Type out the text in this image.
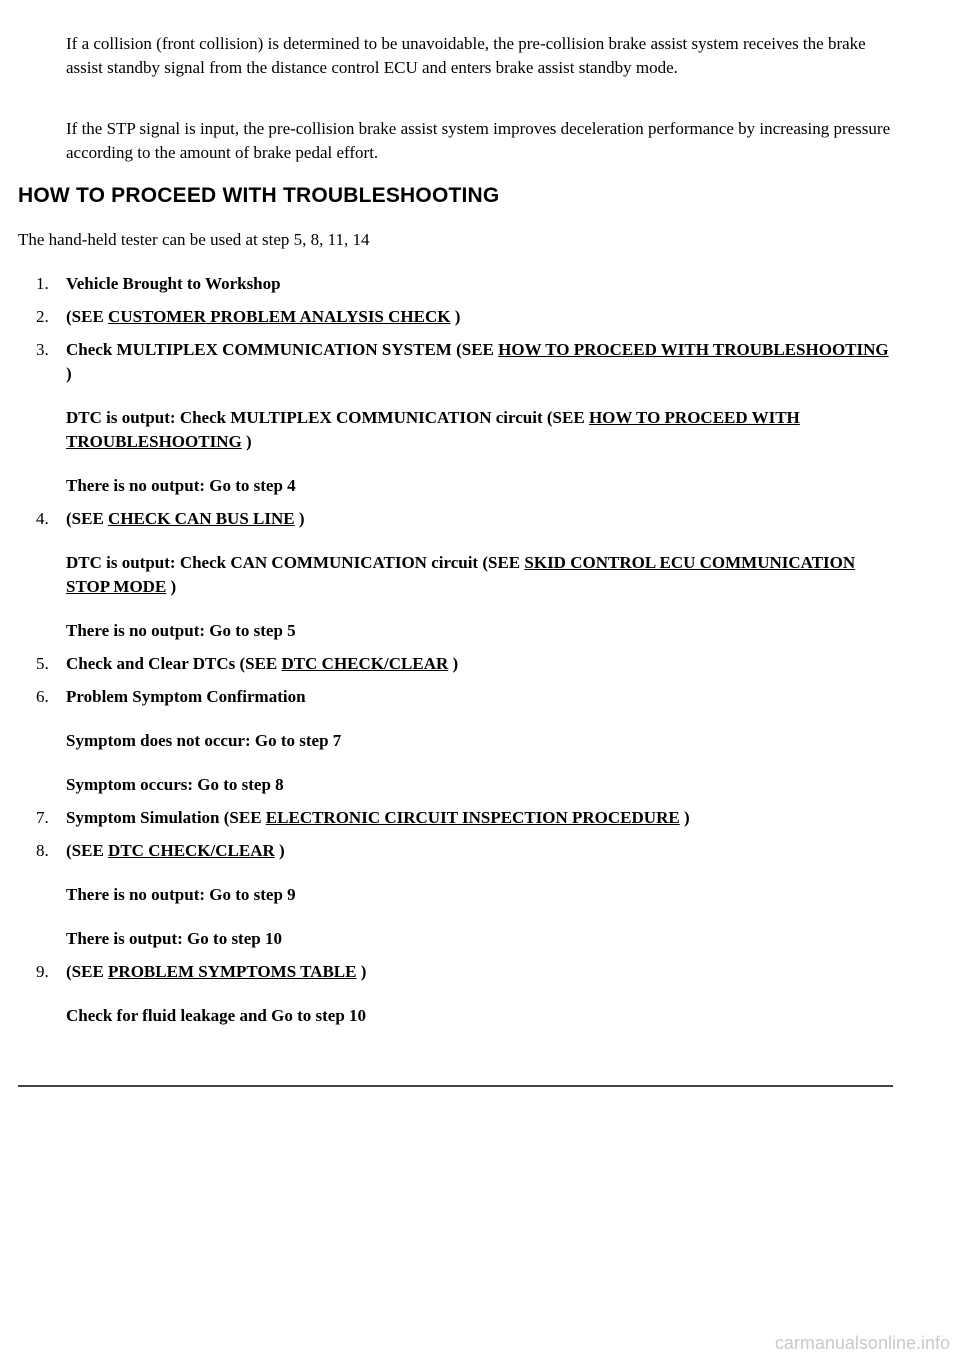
If a collision (front collision) is determined to be unavoidable, the pre-collision brake assist system receives the brake assist standby signal from the distance control ECU and enters brake assist standby mode.

If the STP signal is input, the pre-collision brake assist system improves deceleration performance by increasing pressure according to the amount of brake pedal effort.

HOW TO PROCEED WITH TROUBLESHOOTING

The hand-held tester can be used at step 5, 8, 11, 14

1. Vehicle Brought to Workshop
2. (SEE CUSTOMER PROBLEM ANALYSIS CHECK )
3. Check MULTIPLEX COMMUNICATION SYSTEM (SEE HOW TO PROCEED WITH TROUBLESHOOTING )
DTC is output: Check MULTIPLEX COMMUNICATION circuit (SEE HOW TO PROCEED WITH TROUBLESHOOTING )
There is no output: Go to step 4
4. (SEE CHECK CAN BUS LINE )
DTC is output: Check CAN COMMUNICATION circuit (SEE SKID CONTROL ECU COMMUNICATION STOP MODE )
There is no output: Go to step 5
5. Check and Clear DTCs (SEE DTC CHECK/CLEAR )
6. Problem Symptom Confirmation
Symptom does not occur: Go to step 7
Symptom occurs: Go to step 8
7. Symptom Simulation (SEE ELECTRONIC CIRCUIT INSPECTION PROCEDURE )
8. (SEE DTC CHECK/CLEAR )
There is no output: Go to step 9
There is output: Go to step 10
9. (SEE PROBLEM SYMPTOMS TABLE )
Check for fluid leakage and Go to step 10
carmanualsonline.info
